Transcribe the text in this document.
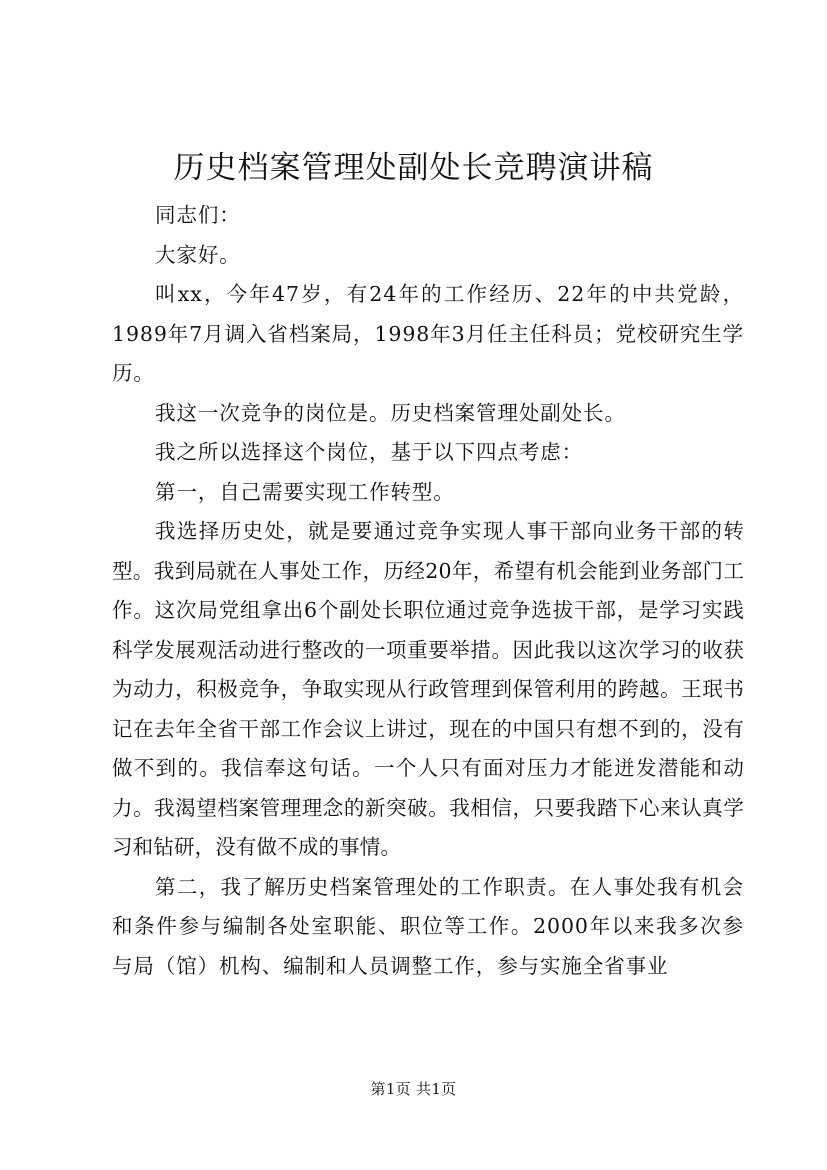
历史档案管理处副处长竞聘演讲稿

同志们：

大家好。

叫xx，今年47岁，有24年的工作经历、22年的中共党龄，1989年7月调入省档案局，1998年3月任主任科员；党校研究生学历。

我这一次竞争的岗位是。历史档案管理处副处长。

我之所以选择这个岗位，基于以下四点考虑：

第一，自己需要实现工作转型。

我选择历史处，就是要通过竞争实现人事干部向业务干部的转型。我到局就在人事处工作，历经20年，希望有机会能到业务部门工作。这次局党组拿出6个副处长职位通过竞争选拔干部，是学习实践科学发展观活动进行整改的一项重要举措。因此我以这次学习的收获为动力，积极竞争，争取实现从行政管理到保管利用的跨越。王珉书记在去年全省干部工作会议上讲过，现在的中国只有想不到的，没有做不到的。我信奉这句话。一个人只有面对压力才能迸发潜能和动力。我渴望档案管理理念的新突破。我相信，只要我踏下心来认真学习和钻研，没有做不成的事情。

第二，我了解历史档案管理处的工作职责。在人事处我有机会和条件参与编制各处室职能、职位等工作。2000年以来我多次参与局（馆）机构、编制和人员调整工作，参与实施全省事业

第1页 共1页
